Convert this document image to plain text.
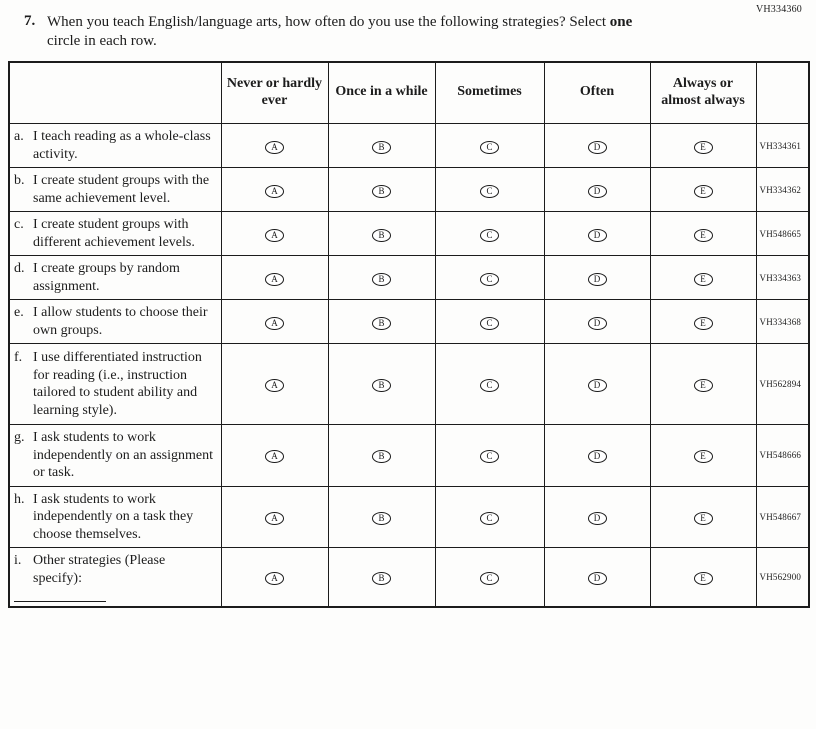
VH334360
7. When you teach English/language arts, how often do you use the following strategies? Select one circle in each row.
	Never or hardly ever	Once in a while	Sometimes	Often	Always or almost always	

a. I teach reading as a whole-class activity.	A	B	C	D	E	VH334361

b. I create student groups with the same achievement level.	A	B	C	D	E	VH334362

c. I create student groups with different achievement levels.	A	B	C	D	E	VH548665

d. I create groups by random assignment.	A	B	C	D	E	VH334363

e. I allow students to choose their own groups.	A	B	C	D	E	VH334368

f. I use differentiated instruction for reading (i.e., instruction tailored to student ability and learning style).	A	B	C	D	E	VH562894

g. I ask students to work independently on an assignment or task.	A	B	C	D	E	VH548666

h. I ask students to work independently on a task they choose themselves.	A	B	C	D	E	VH548667

i. Other strategies (Please specify):	A	B	C	D	E	VH562900
